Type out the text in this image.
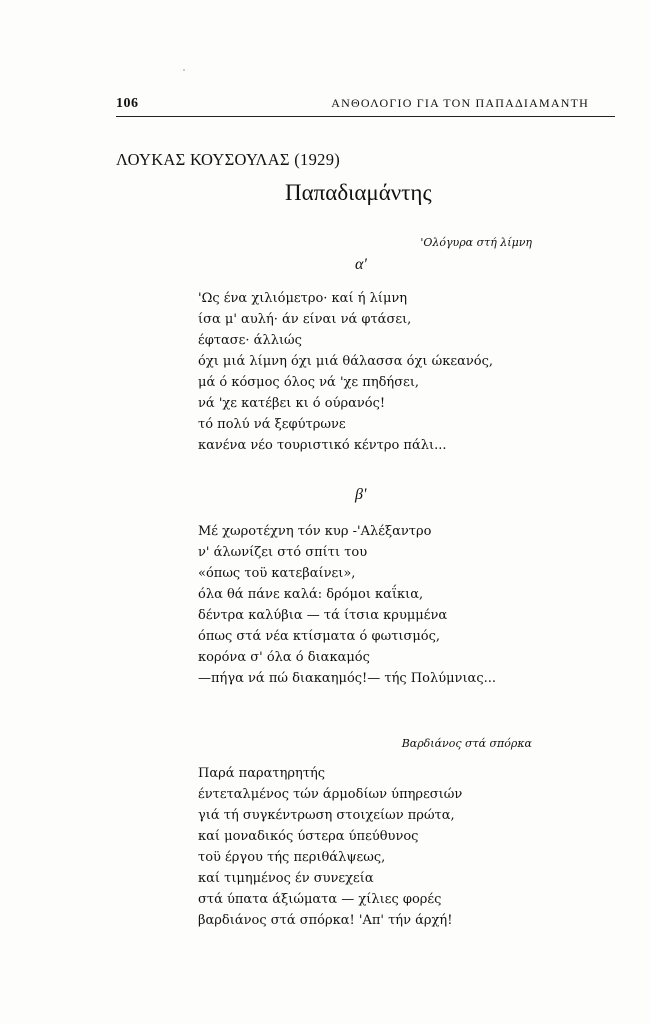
106	ΑΝΘΟΛΟΓΙΟ ΓΙΑ ΤΟΝ ΠΑΠΑΔΙΑΜΑΝΤΗ
ΛΟΥΚΑΣ ΚΟΥΣΟΥΛΑΣ (1929)
Παπαδιαμάντης
'Ολόγυρα στή λίμνη
α'
'Ως ένα χιλιόμετρο· καί ή λίμνη
ίσα μ' αυλή· άν είναι νά φτάσει,
έφτασε· άλλιώς
όχι μιά λίμνη όχι μιά θάλασσα όχι ώκεανός,
μά ό κόσμος όλος νά 'χε πηδήσει,
νά 'χε κατέβει κι ό ούρανός!
τό πολύ νά ξεφύτρωνε
κανένα νέο τουριστικό κέντρο πάλι...
β'
Μέ χωροτέχνη τόν κυρ -'Αλέξαντρο
ν' άλωνίζει στό σπίτι του
«όπως τοϋ κατεβαίνει»,
όλα θά πάνε καλά: δρόμοι καΐκια,
δέντρα καλύβια — τά ίτσια κρυμμένα
όπως στά νέα κτίσματα ό φωτισμός,
κορόνα σ' όλα ό διακαμός
—πήγα νά πώ διακαημός!— τής Πολύμνιας...
Βαρδιάνος στά σπόρκα
Παρά παρατηρητής
έντεταλμένος τών άρμοδίων ύπηρεσιών
γιά τή συγκέντρωση στοιχείων πρώτα,
καί μοναδικός ύστερα ύπεύθυνος
τοϋ έργου τής περιθάλψεως,
καί τιμημένος έν συνεχεία
στά ύπατα άξιώματα — χίλιες φορές
βαρδιάνος στά σπόρκα! 'Απ' τήν άρχή!
